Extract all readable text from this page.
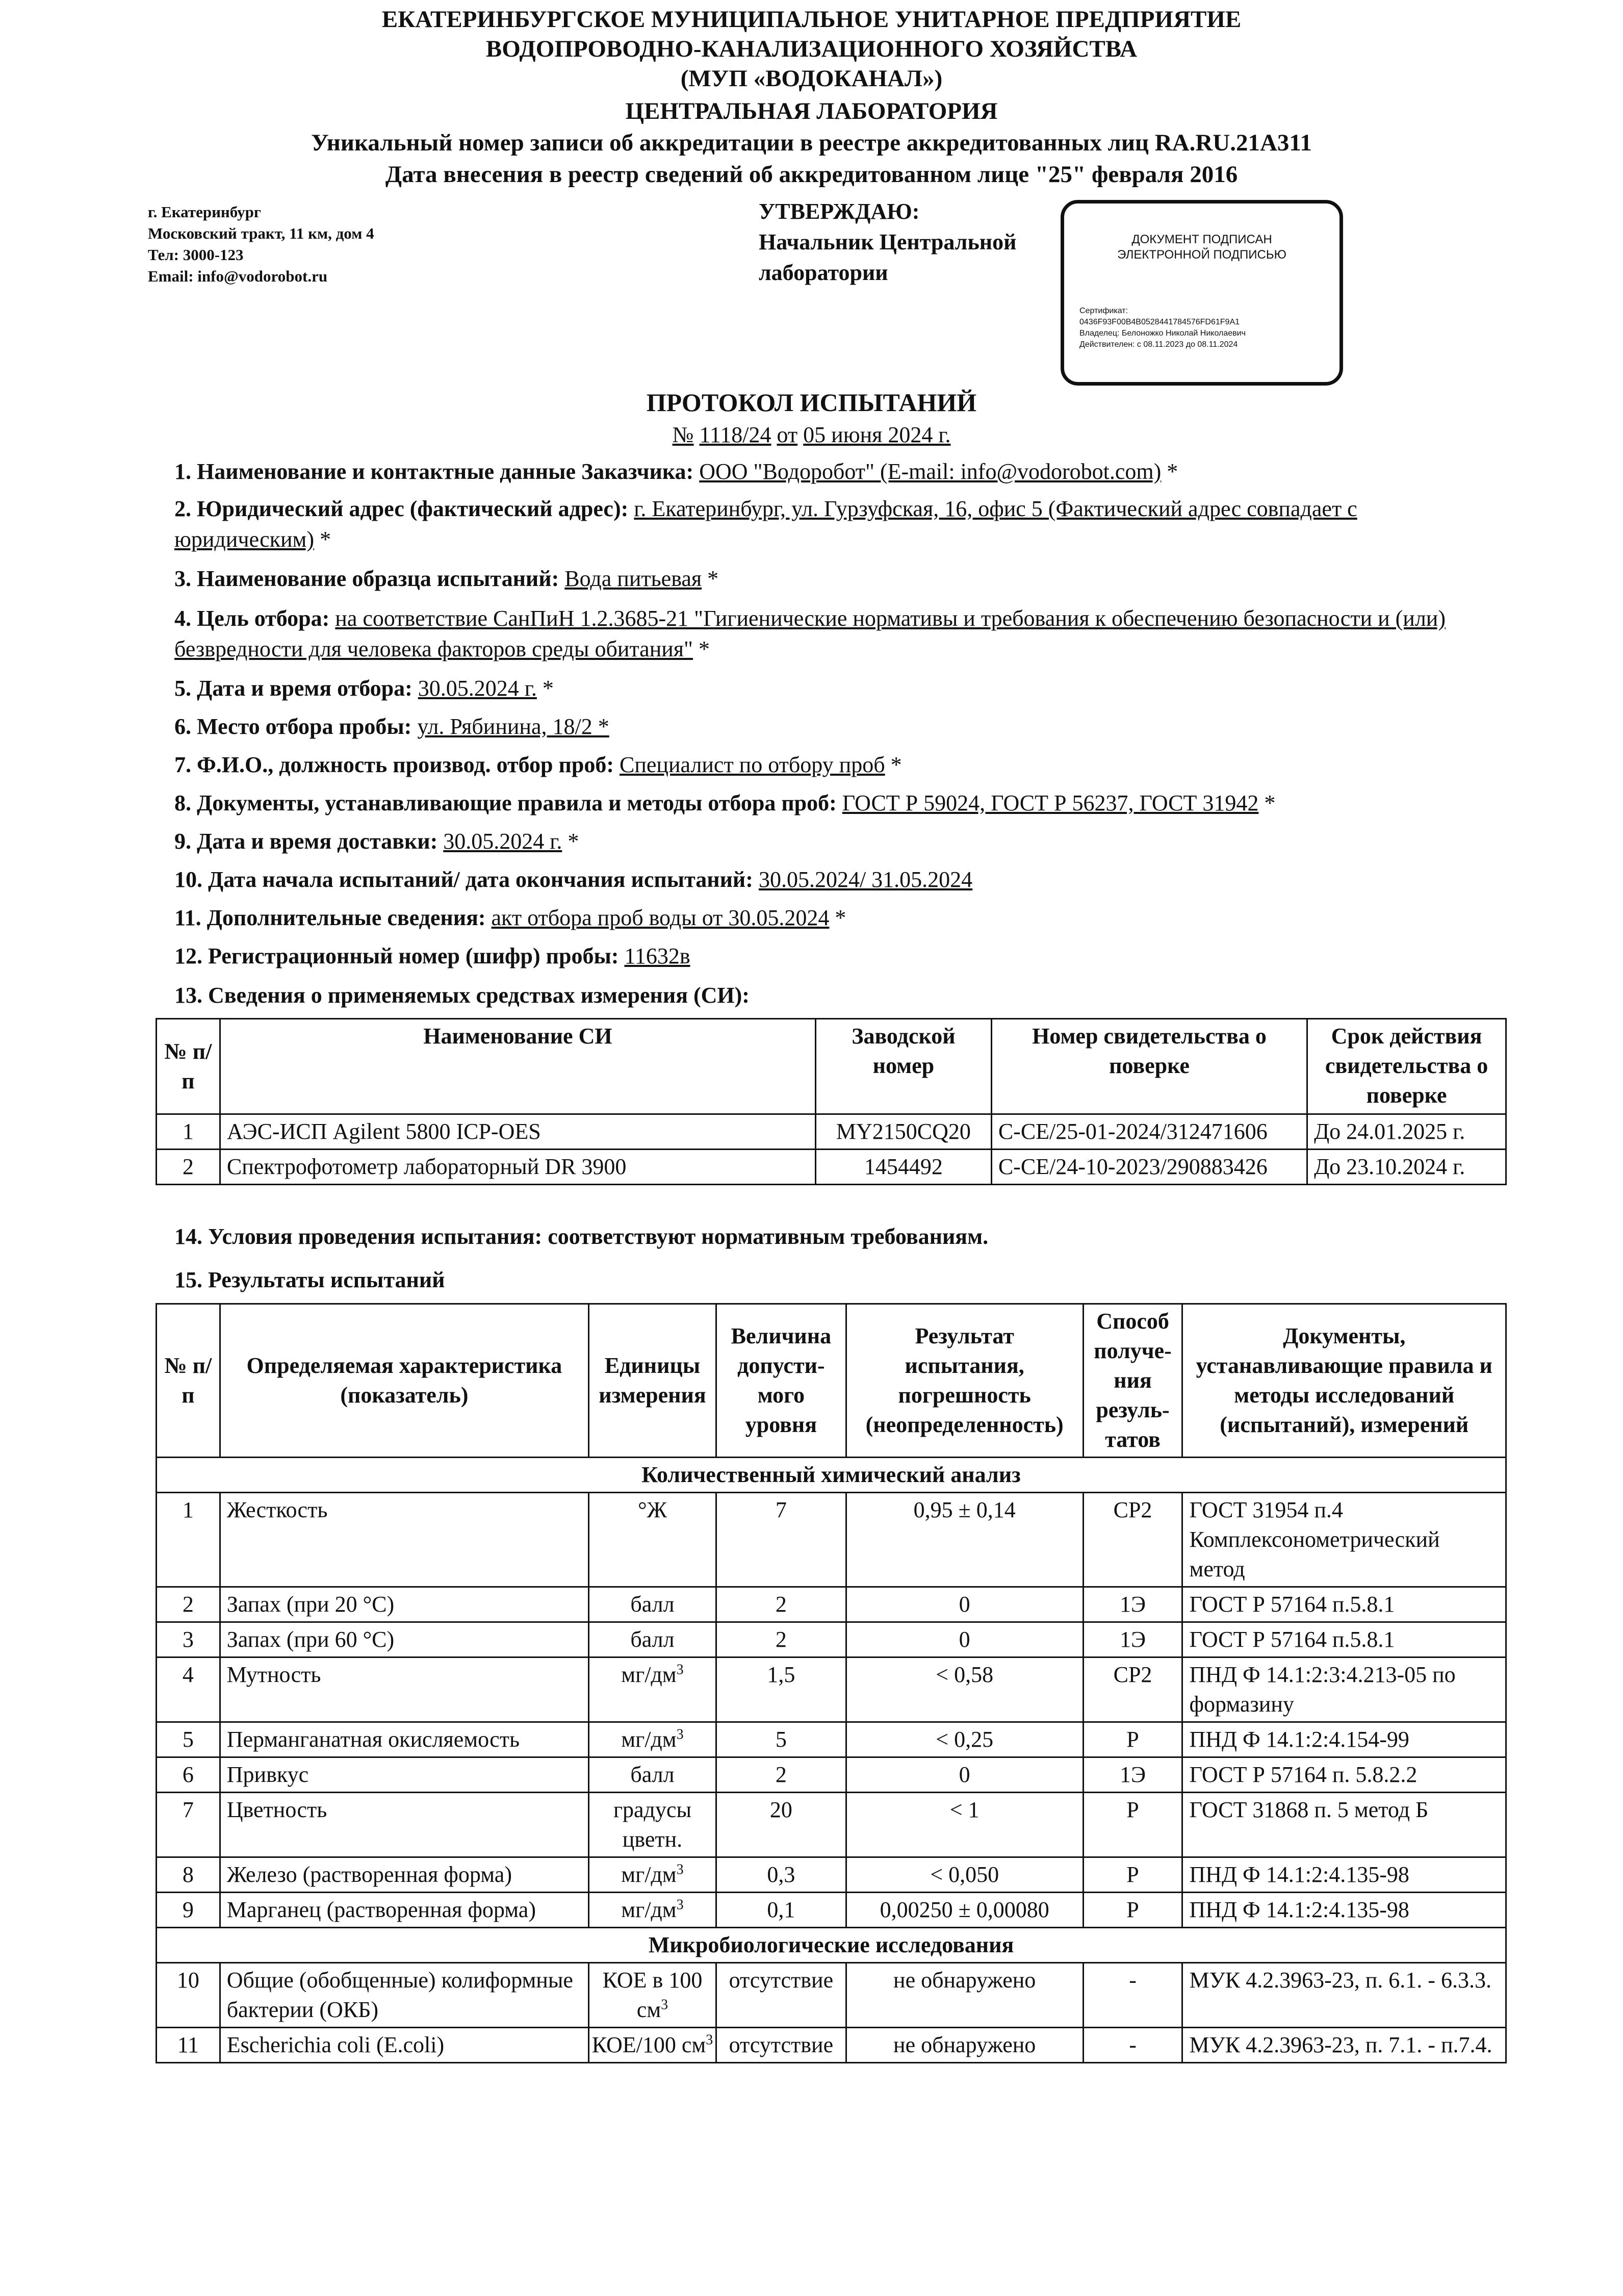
ЕКАТЕРИНБУРГСКОЕ МУНИЦИПАЛЬНОЕ УНИТАРНОЕ ПРЕДПРИЯТИЕ
ВОДОПРОВОДНО-КАНАЛИЗАЦИОННОГО ХОЗЯЙСТВА
(МУП «ВОДОКАНАЛ»)
ЦЕНТРАЛЬНАЯ ЛАБОРАТОРИЯ
Уникальный номер записи об аккредитации в реестре аккредитованных лиц RA.RU.21А311
Дата внесения в реестр сведений об аккредитованном лице "25" февраля 2016
г. Екатеринбург
Московский тракт, 11 км, дом 4
Тел: 3000-123
Email: info@vodorobot.ru
УТВЕРЖДАЮ:
Начальник Центральной
лаборатории
ДОКУМЕНТ ПОДПИСАН
ЭЛЕКТРОННОЙ ПОДПИСЬЮ
Сертификат:
0436F93F00B4B0528441784576FD61F9A1
Владелец: Белоножко Николай Николаевич
Действителен: с 08.11.2023 до 08.11.2024
ПРОТОКОЛ ИСПЫТАНИЙ
№ 1118/24 от 05 июня 2024 г.
1. Наименование и контактные данные Заказчика: ООО "Водоробот" (E-mail: info@vodorobot.com) *
2. Юридический адрес (фактический адрес): г. Екатеринбург, ул. Гурзуфская, 16, офис 5 (Фактический адрес совпадает с юридическим) *
3. Наименование образца испытаний: Вода питьевая *
4. Цель отбора: на соответствие СанПиН 1.2.3685-21 "Гигиенические нормативы и требования к обеспечению безопасности и (или) безвредности для человека факторов среды обитания" *
5. Дата и время отбора: 30.05.2024 г. *
6. Место отбора пробы: ул. Рябинина, 18/2 *
7. Ф.И.О., должность производ. отбор проб: Специалист по отбору проб *
8. Документы, устанавливающие правила и методы отбора проб: ГОСТ Р 59024, ГОСТ Р 56237, ГОСТ 31942 *
9. Дата и время доставки: 30.05.2024 г. *
10. Дата начала испытаний/ дата окончания испытаний: 30.05.2024/ 31.05.2024
11. Дополнительные сведения: акт отбора проб воды от 30.05.2024 *
12. Регистрационный номер (шифр) пробы: 11632в
13. Сведения о применяемых средствах измерения (СИ):
№ п/п	Наименование СИ	Заводской номер	Номер свидетельства о поверке	Срок действия свидетельства о поверке
1	АЭС-ИСП Agilent 5800 ICP-OES	MY2150CQ20	С-СЕ/25-01-2024/312471606	До 24.01.2025 г.
2	Спектрофотометр лабораторный DR 3900	1454492	С-СЕ/24-10-2023/290883426	До 23.10.2024 г.
14. Условия проведения испытания: соответствуют нормативным требованиям.
15. Результаты испытаний
№ п/п	Определяемая характеристика (показатель)	Единицы измерения	Величина допусти-мого уровня	Результат испытания, погрешность (неопределенность)	Способ получе-ния резуль-татов	Документы, устанавливающие правила и методы исследований (испытаний), измерений
Количественный химический анализ						
1	Жесткость	°Ж	7	0,95 ± 0,14	СР2	ГОСТ 31954 п.4 Комплексонометрический метод
2	Запах (при 20 °С)	балл	2	0	1Э	ГОСТ Р 57164 п.5.8.1
3	Запах (при 60 °С)	балл	2	0	1Э	ГОСТ Р 57164 п.5.8.1
4	Мутность	$мг/дм^3$	1,5	< 0,58	СР2	ПНД Ф 14.1:2:3:4.213-05 по формазину
5	Перманганатная окисляемость	$мг/дм^3$	5	< 0,25	Р	ПНД Ф 14.1:2:4.154-99
6	Привкус	балл	2	0	1Э	ГОСТ Р 57164 п. 5.8.2.2
7	Цветность	градусы цветн.	20	< 1	Р	ГОСТ 31868 п. 5 метод Б
8	Железо (растворенная форма)	$мг/дм^3$	0,3	< 0,050	Р	ПНД Ф 14.1:2:4.135-98
9	Марганец (растворенная форма)	$мг/дм^3$	0,1	0,00250 ± 0,00080	Р	ПНД Ф 14.1:2:4.135-98
Микробиологические исследования						
10	Общие (обобщенные) колиформные бактерии (ОКБ)	КОЕ в 100 $см^3$	отсутствие	не обнаружено	-	МУК 4.2.3963-23, п. 6.1. - 6.3.3.
11	Escherichia coli (E.coli)	КОЕ/100 $см^3$	отсутствие	не обнаружено	-	МУК 4.2.3963-23, п. 7.1. - п.7.4.
